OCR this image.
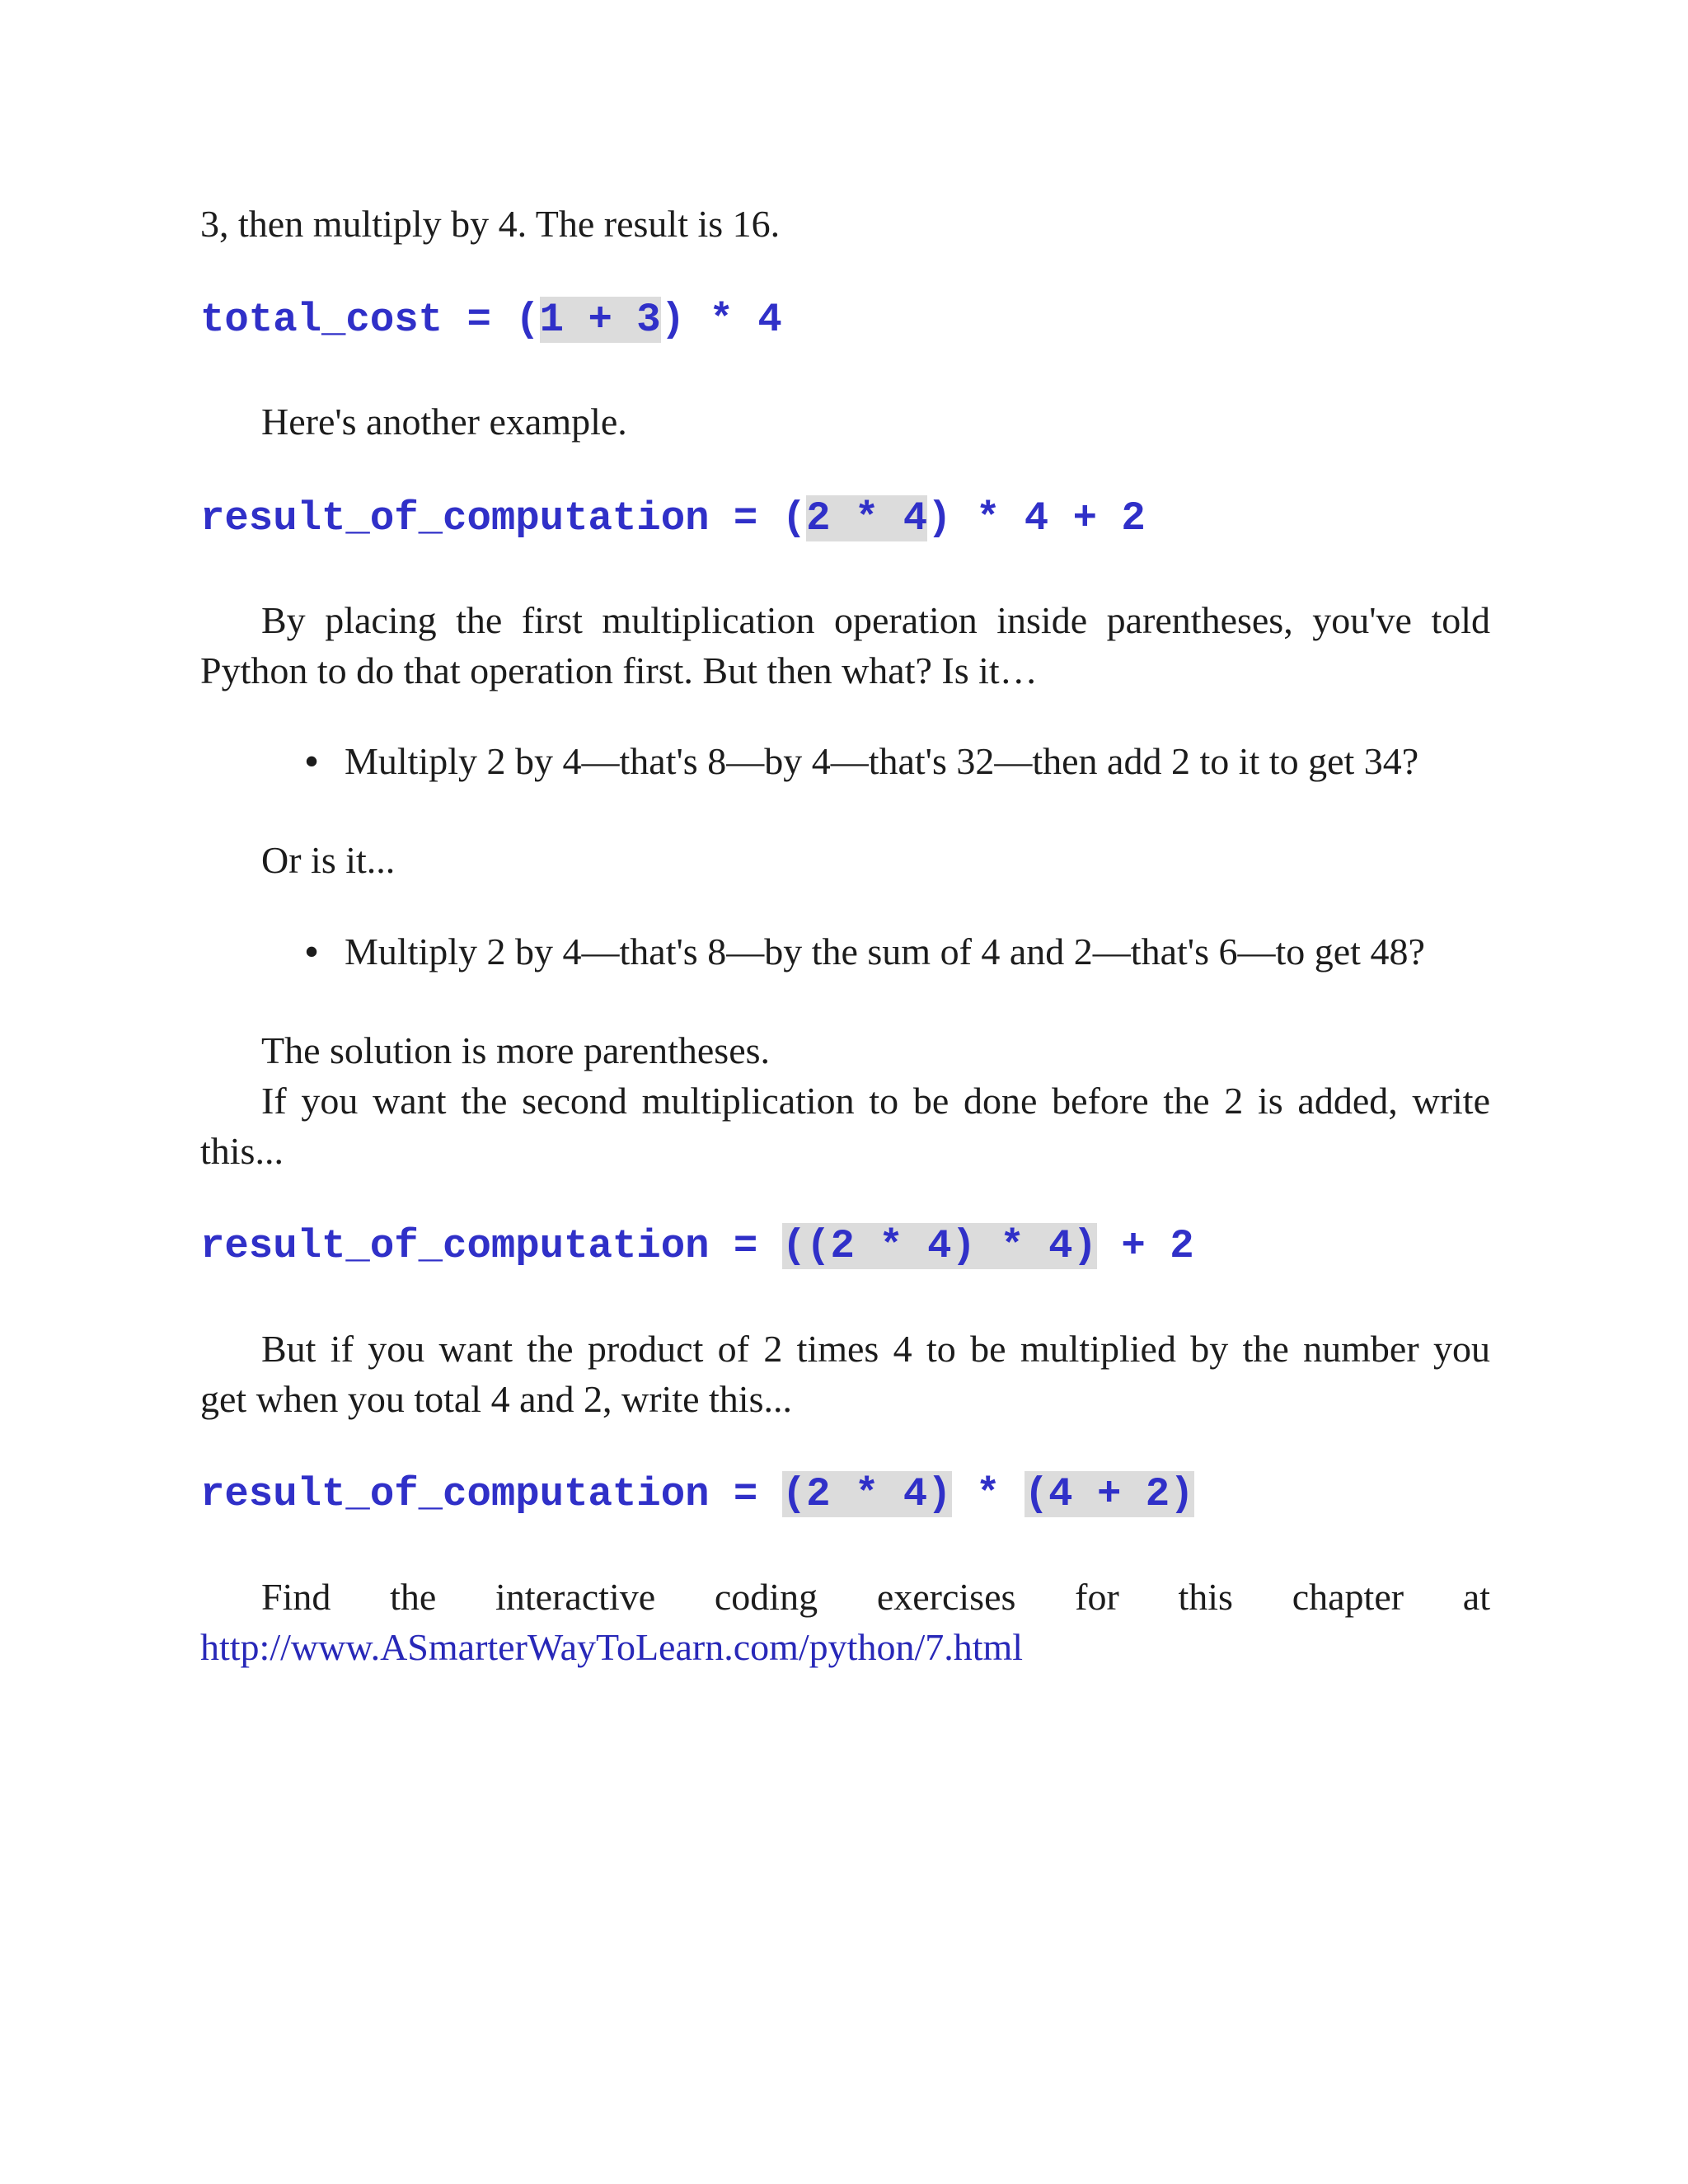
3, then multiply by 4. The result is 16.

total_cost = (1 + 3) * 4

Here's another example.

result_of_computation = (2 * 4) * 4 + 2
By placing the first multiplication operation inside parentheses, you've told
Python to do that operation first. But then what? Is it…
• Multiply 2 by 4—that's 8—by 4—that's 32—then add 2 to it to get 34?

Or is it...

• Multiply 2 by 4—that's 8—by the sum of 4 and 2—that's 6—to get 48?
The solution is more parentheses.
If you want the second multiplication to be done before the 2 is added, write
this...
result_of_computation = ((2 * 4) * 4) + 2
But if you want the product of 2 times 4 to be multiplied by the number you
get when you total 4 and 2, write this...
result_of_computation = (2 * 4) * (4 + 2)
Find the interactive coding exercises for this chapter at
http://www.ASmarterWayToLearn.com/python/7.html
